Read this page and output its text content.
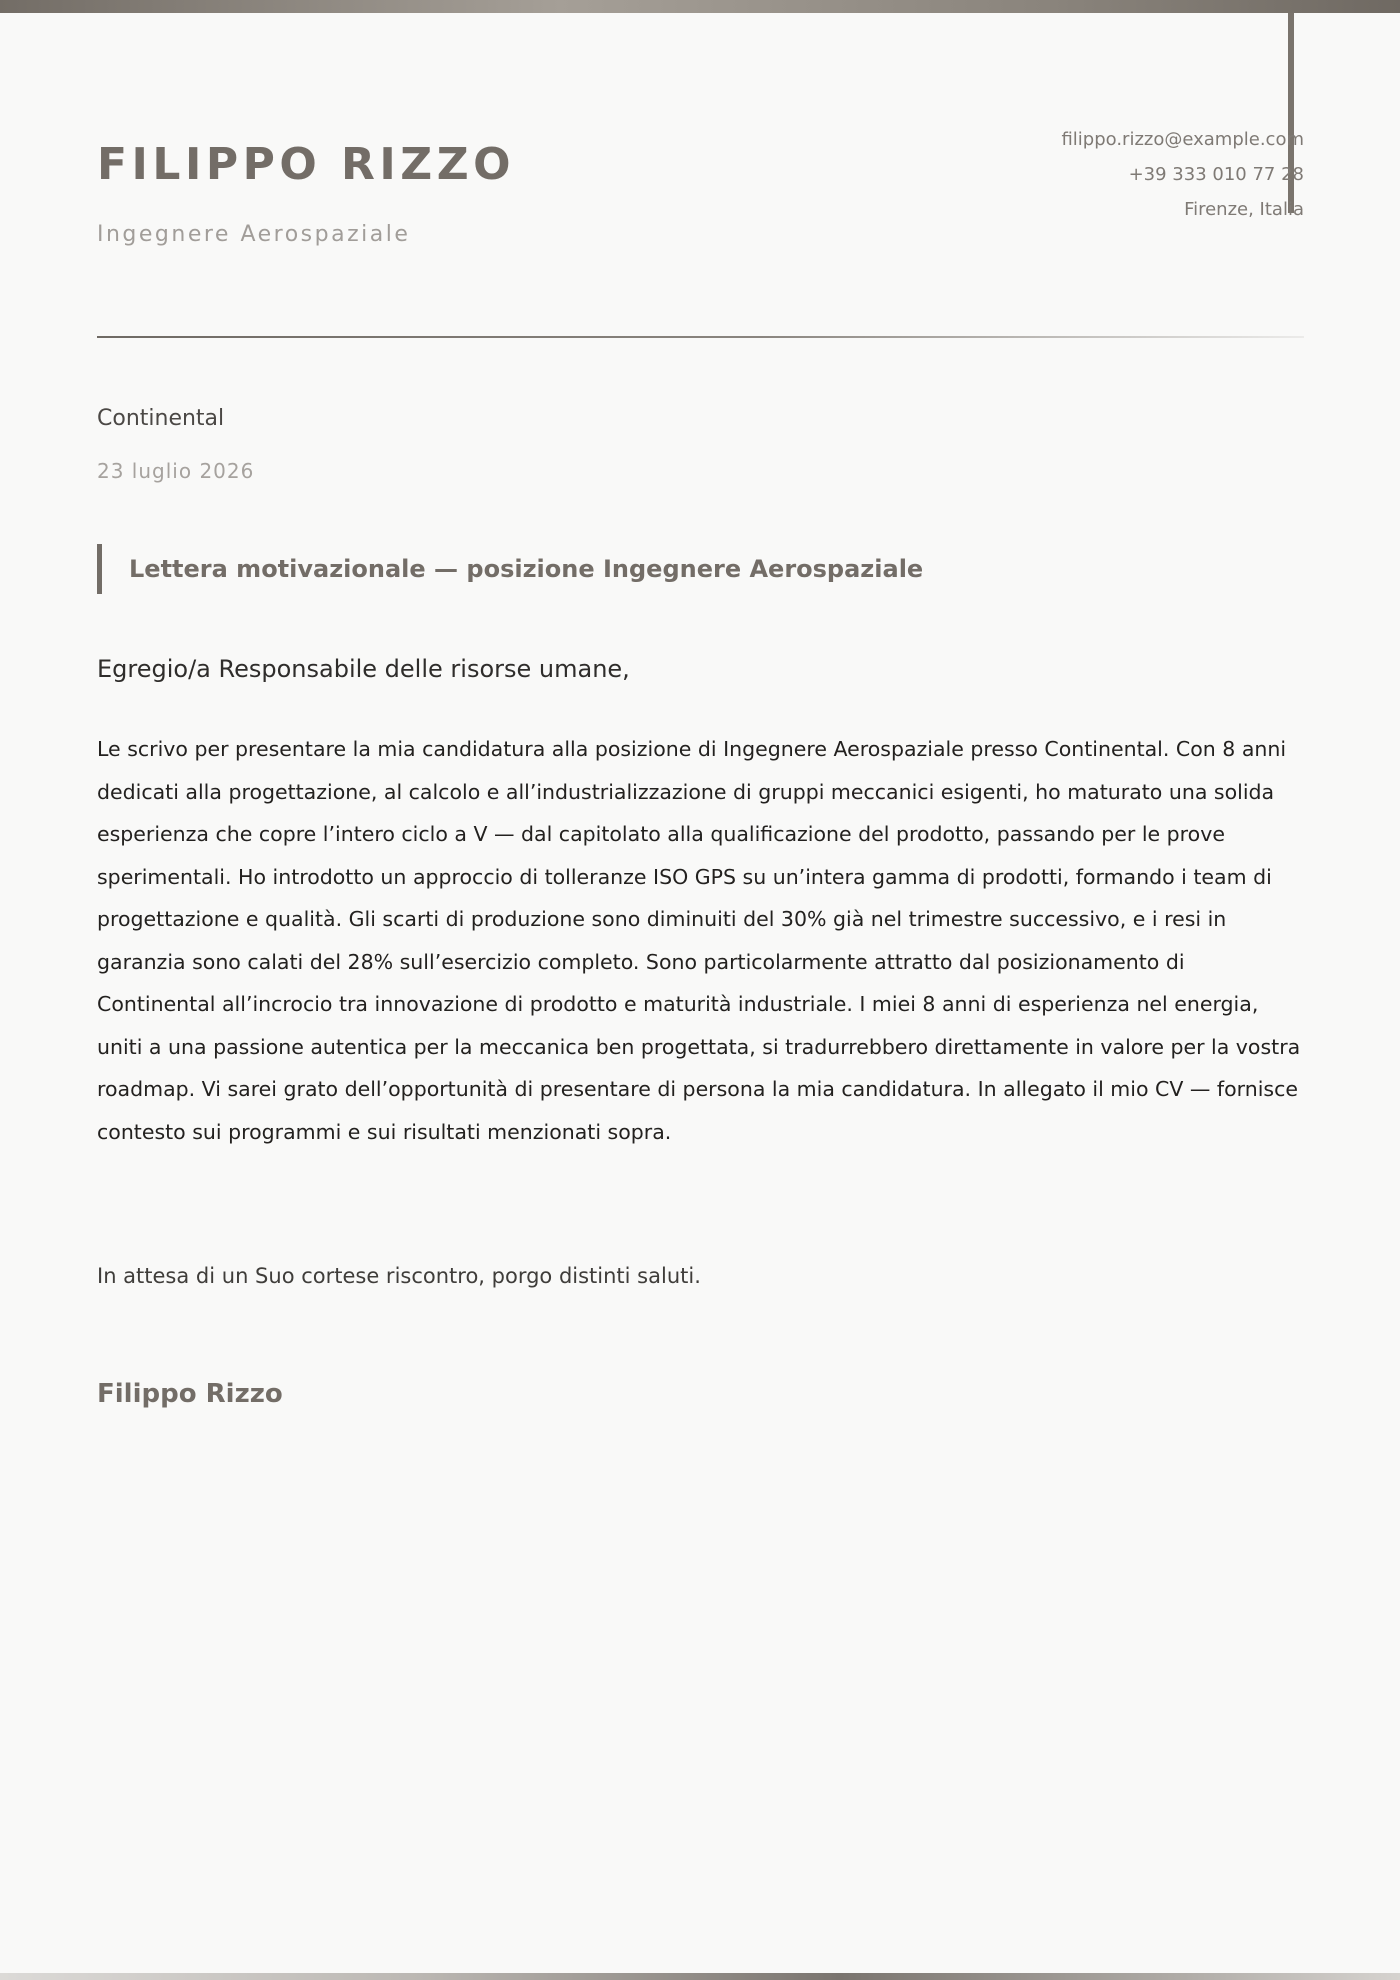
FILIPPO RIZZO
Ingegnere Aerospaziale
filippo.rizzo@example.com
+39 333 010 77 28
Firenze, Italia
Continental
23 luglio 2026
Lettera motivazionale — posizione Ingegnere Aerospaziale
Egregio/a Responsabile delle risorse umane,

Le scrivo per presentare la mia candidatura alla posizione di Ingegnere Aerospaziale presso Continental. Con 8 anni dedicati alla progettazione, al calcolo e all’industrializzazione di gruppi meccanici esigenti, ho maturato una solida esperienza che copre l’intero ciclo a V — dal capitolato alla qualificazione del prodotto, passando per le prove sperimentali. Ho introdotto un approccio di tolleranze ISO GPS su un’intera gamma di prodotti, formando i team di progettazione e qualità. Gli scarti di produzione sono diminuiti del 30% già nel trimestre successivo, e i resi in garanzia sono calati del 28% sull’esercizio completo. Sono particolarmente attratto dal posizionamento di Continental all’incrocio tra innovazione di prodotto e maturità industriale. I miei 8 anni di esperienza nel energia, uniti a una passione autentica per la meccanica ben progettata, si tradurrebbero direttamente in valore per la vostra roadmap. Vi sarei grato dell’opportunità di presentare di persona la mia candidatura. In allegato il mio CV — fornisce contesto sui programmi e sui risultati menzionati sopra.

In attesa di un Suo cortese riscontro, porgo distinti saluti.
Filippo Rizzo
